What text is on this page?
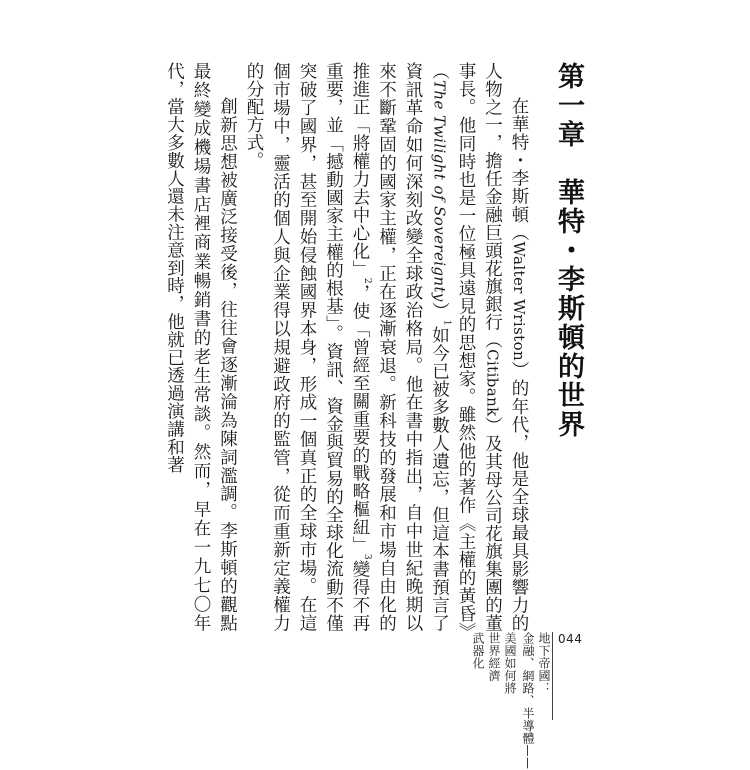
第一章　華特・李斯頓的世界

在華特・李斯頓（Walter Wriston）的年代，他是全球最具影響力的人物之一，擔任金融巨頭花旗銀行（Citibank）及其母公司花旗集團的董事長。他同時也是一位極具遠見的思想家。雖然他的著作《主權的黃昏》（The Twilight of Sovereignty）$^1$如今已被多數人遺忘，但這本書預言了資訊革命如何深刻改變全球政治格局。他在書中指出，自中世紀晚期以來不斷鞏固的國家主權，正在逐漸衰退。新科技的發展和市場自由化的推進正「將權力去中心化」$^2$，使「曾經至關重要的戰略樞紐」$^3$變得不再重要，並「撼動國家主權的根基」。資訊、資金與貿易的全球化流動不僅突破了國界，甚至開始侵蝕國界本身，形成一個真正的全球市場。在這個市場中，靈活的個人與企業得以規避政府的監管，從而重新定義權力的分配方式。

創新思想被廣泛接受後，往往會逐漸淪為陳詞濫調。李斯頓的觀點最終變成機場書店裡商業暢銷書的老生常談。然而，早在一九七〇年代，當大多數人還未注意到時，他就已透過演講和著

044
地下帝國：
金融、網路、半導體——
美國如何將
世界經濟
武器化
